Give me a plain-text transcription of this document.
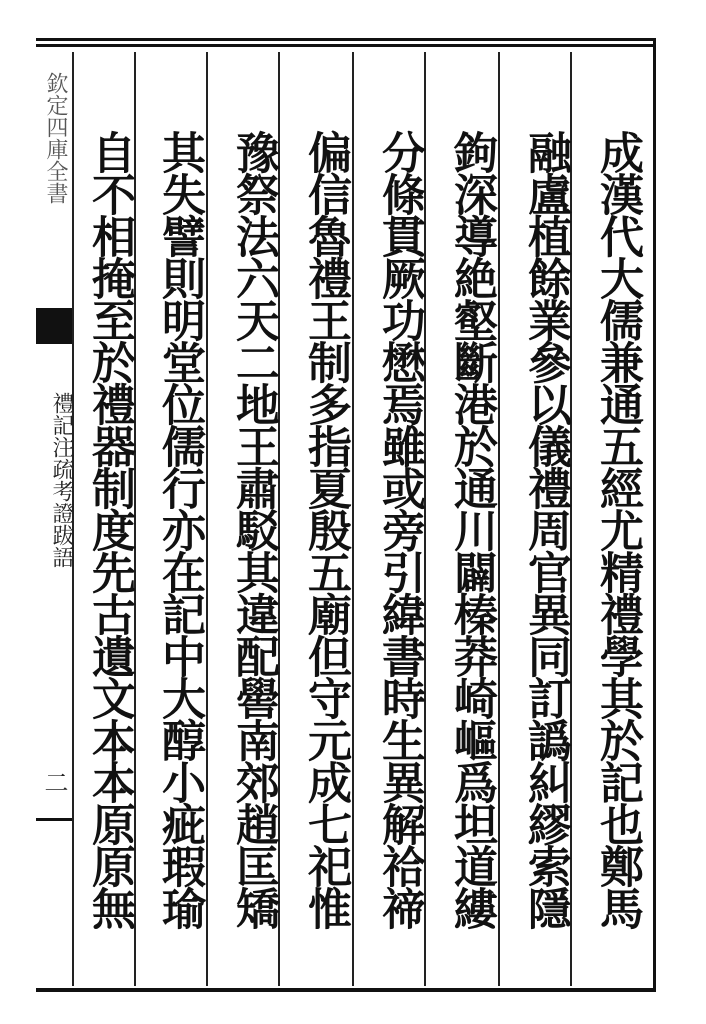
成漢代大儒兼通五經尤精禮學其於記也鄭馬
融盧植餘業參以儀禮周官異同訂譌糾繆索隱
鉤深導絶壑斷港於通川闢榛莽崎嶇爲坦道縷
分條貫厥功懋焉雖或旁引緯書時生異解祫禘
偏信魯禮王制多指夏殷五廟但守元成七祀惟
豫祭法六天二地王肅駁其違配嚳南郊趙匡矯
其失譬則明堂位儒行亦在記中大醇小疵瑕瑜
自不相掩至於禮器制度先古遺文本本原原無
欽定四庫全書
禮記注疏考證跋語
二
